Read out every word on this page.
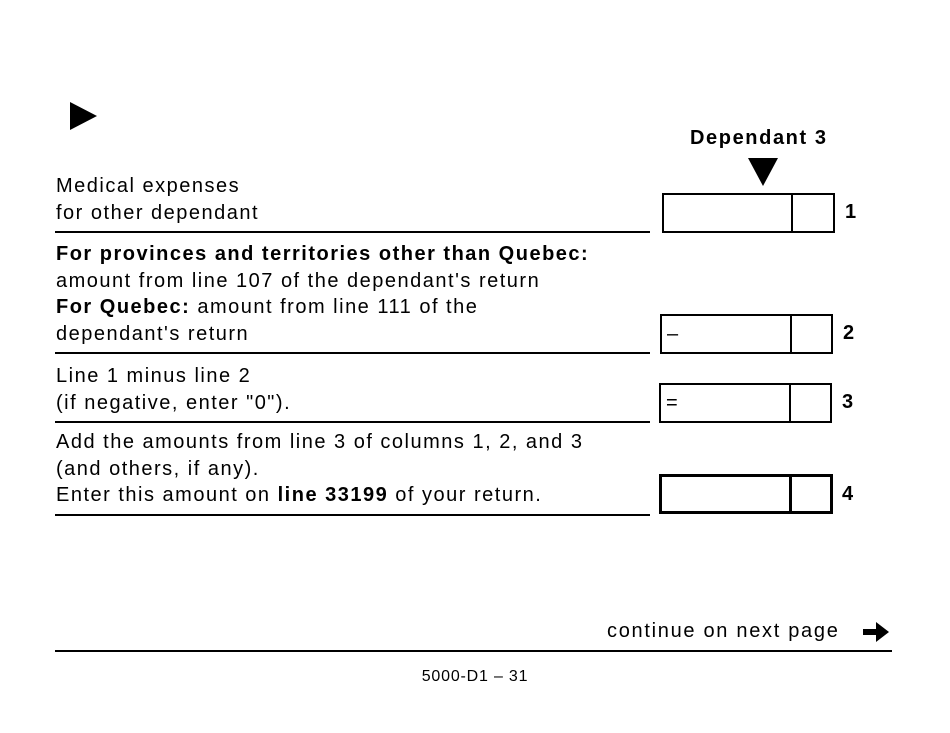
Dependant 3
Medical expenses
for other dependant	1
For provinces and territories other than Quebec:
amount from line 107 of the dependant's return
For Quebec: amount from line 111 of the
dependant's return	–	2
Line 1 minus line 2
(if negative, enter "0").	=	3
Add the amounts from line 3 of columns 1, 2, and 3
(and others, if any).
Enter this amount on line 33199 of your return.	4
continue on next page
5000-D1 – 31
